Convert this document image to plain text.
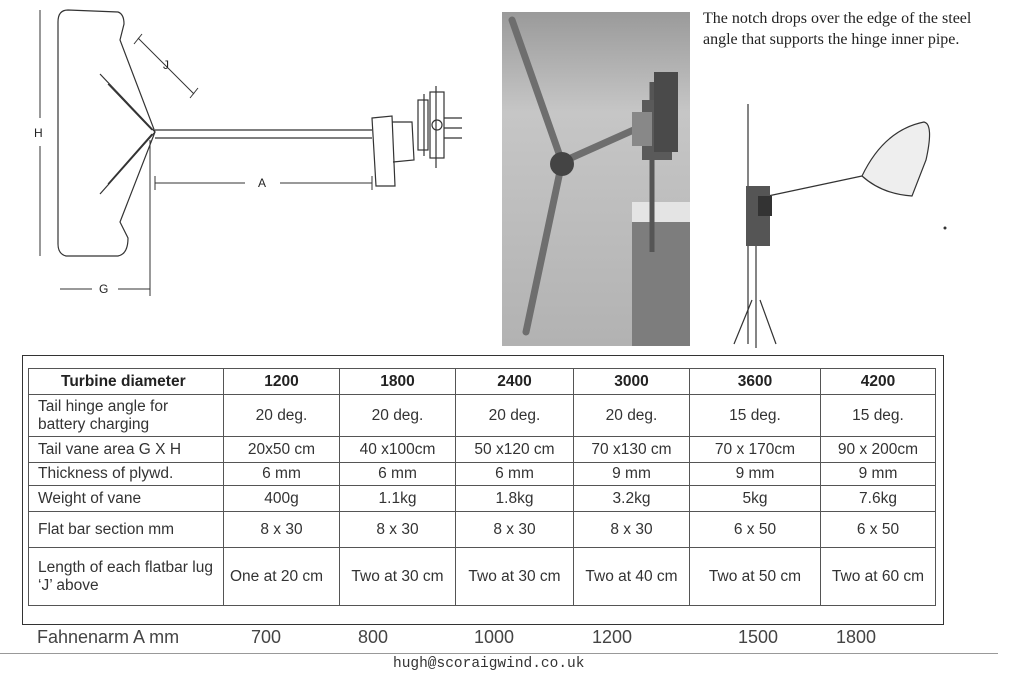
H
J
A
G
The notch drops over the edge of the steel angle that supports the hinge inner pipe.
Turbine diameter	1200	1800	2400	3000	3600	4200
Tail hinge angle for battery charging	20 deg.	20 deg.	20 deg.	20 deg.	15 deg.	15 deg.
Tail vane area G X H	20x50 cm	40 x100cm	50 x120 cm	70 x130 cm	70 x 170cm	90 x 200cm
Thickness of plywd.	6 mm	6 mm	6 mm	9 mm	9 mm	9 mm
Weight of vane	400g	1.1kg	1.8kg	3.2kg	5kg	7.6kg
Flat bar section mm	8 x 30	8 x 30	8 x 30	8 x 30	6 x 50	6 x 50
Length of each flatbar lug ‘J’ above	One at 20 cm	Two at 30 cm	Two at 30 cm	Two at 40 cm	Two at 50 cm	Two at 60 cm
Fahnenarm A mm	700	800	1000	1200	1500	1800
hugh@scoraigwind.co.uk
